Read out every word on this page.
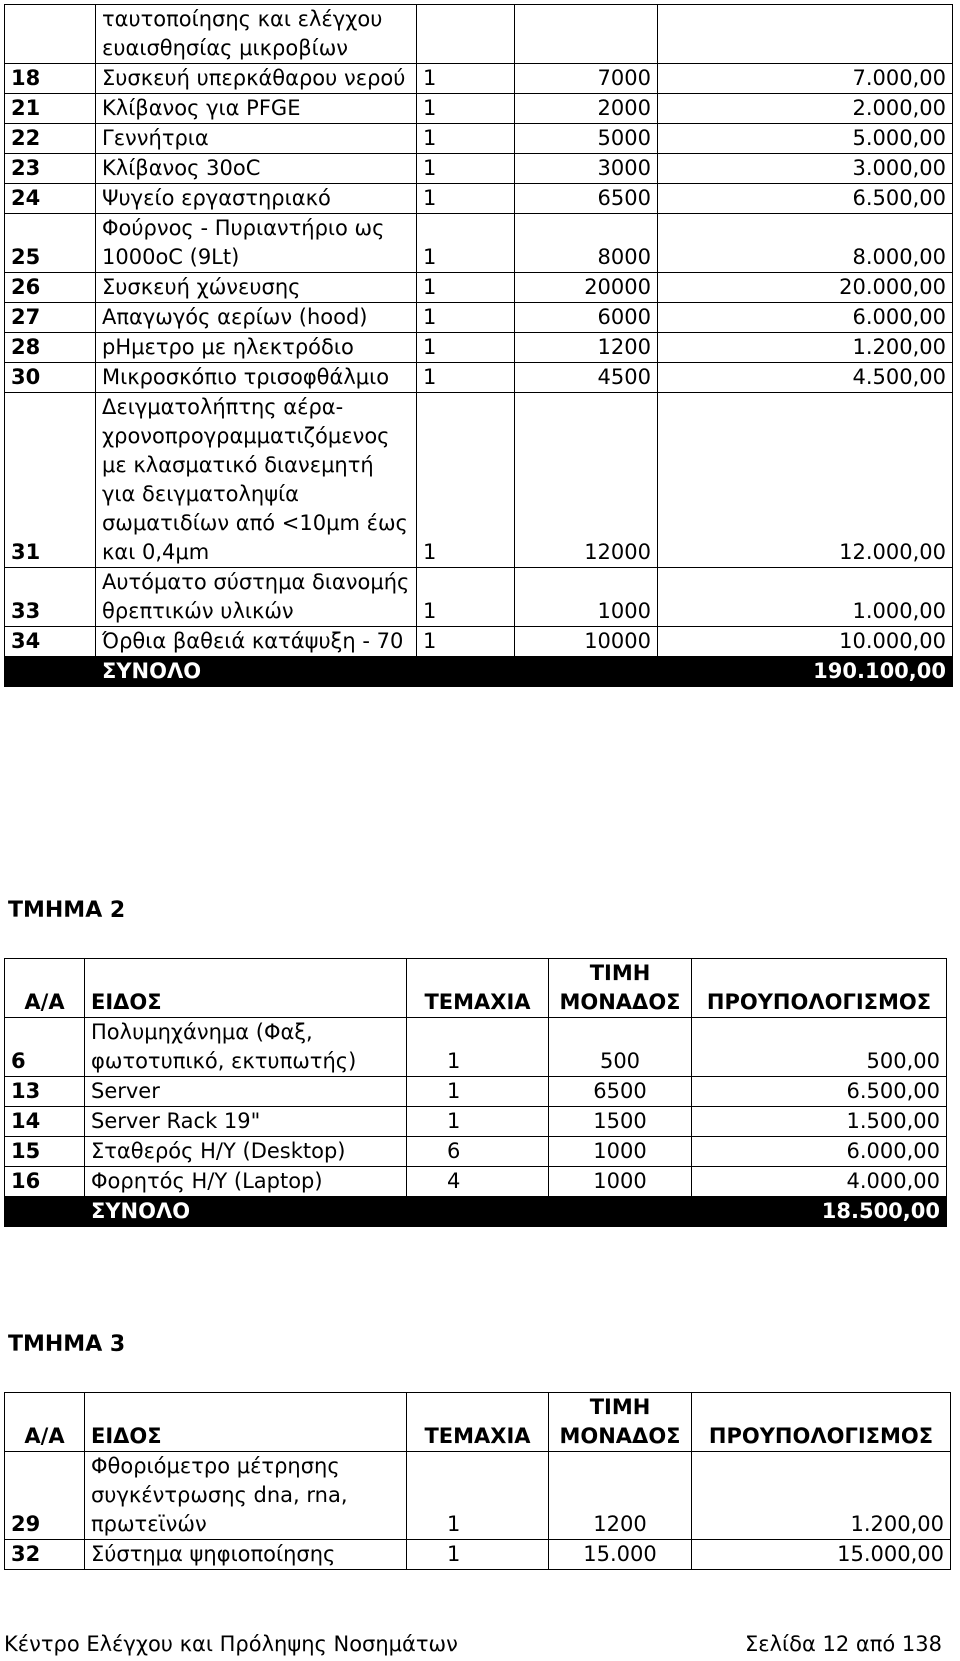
	ταυτοποίησης και ελέγχου ευαισθησίας μικροβίων			
18	Συσκευή υπερκάθαρου νερού	1	7000	7.000,00
21	Κλίβανος για PFGE	1	2000	2.000,00
22	Γεννήτρια	1	5000	5.000,00
23	Κλίβανος 30oC	1	3000	3.000,00
24	Ψυγείο εργαστηριακό	1	6500	6.500,00
25	Φούρνος - Πυριαντήριο ως 1000oC (9Lt)	1	8000	8.000,00
26	Συσκευή χώνευσης	1	20000	20.000,00
27	Απαγωγός αερίων (hood)	1	6000	6.000,00
28	pΗμετρο με ηλεκτρόδιο	1	1200	1.200,00
30	Μικροσκόπιο τρισοφθάλμιο	1	4500	4.500,00
31	Δειγματολήπτης αέρα-χρονοπρογραμματιζόμενος με κλασματικό διανεμητή για δειγματοληψία σωματιδίων από <10μm έως και 0,4μm	1	12000	12.000,00
33	Αυτόματο σύστημα διανομής θρεπτικών υλικών	1	1000	1.000,00
34	Όρθια βαθειά κατάψυξη - 70	1	10000	10.000,00
	ΣΥΝΟΛΟ			190.100,00
ΤΜΗΜΑ 2
Α/Α	ΕΙΔΟΣ	ΤΕΜΑΧΙΑ	ΤΙΜΗ ΜΟΝΑΔΟΣ	ΠΡΟΥΠΟΛΟΓΙΣΜΟΣ
6	Πολυμηχάνημα (Φαξ, φωτοτυπικό, εκτυπωτής)	1	500	500,00
13	Server	1	6500	6.500,00
14	Server Rack 19"	1	1500	1.500,00
15	Σταθερός Η/Υ (Desktop)	6	1000	6.000,00
16	Φορητός Η/Υ (Laptop)	4	1000	4.000,00
	ΣΥΝΟΛΟ			18.500,00
ΤΜΗΜΑ 3
Α/Α	ΕΙΔΟΣ	ΤΕΜΑΧΙΑ	ΤΙΜΗ ΜΟΝΑΔΟΣ	ΠΡΟΥΠΟΛΟΓΙΣΜΟΣ
29	Φθοριόμετρο μέτρησης συγκέντρωσης dna, rna, πρωτεϊνών	1	1200	1.200,00
32	Σύστημα ψηφιοποίησης	1	15.000	15.000,00
Κέντρο Ελέγχου και Πρόληψης Νοσημάτων	Σελίδα 12 από 138
